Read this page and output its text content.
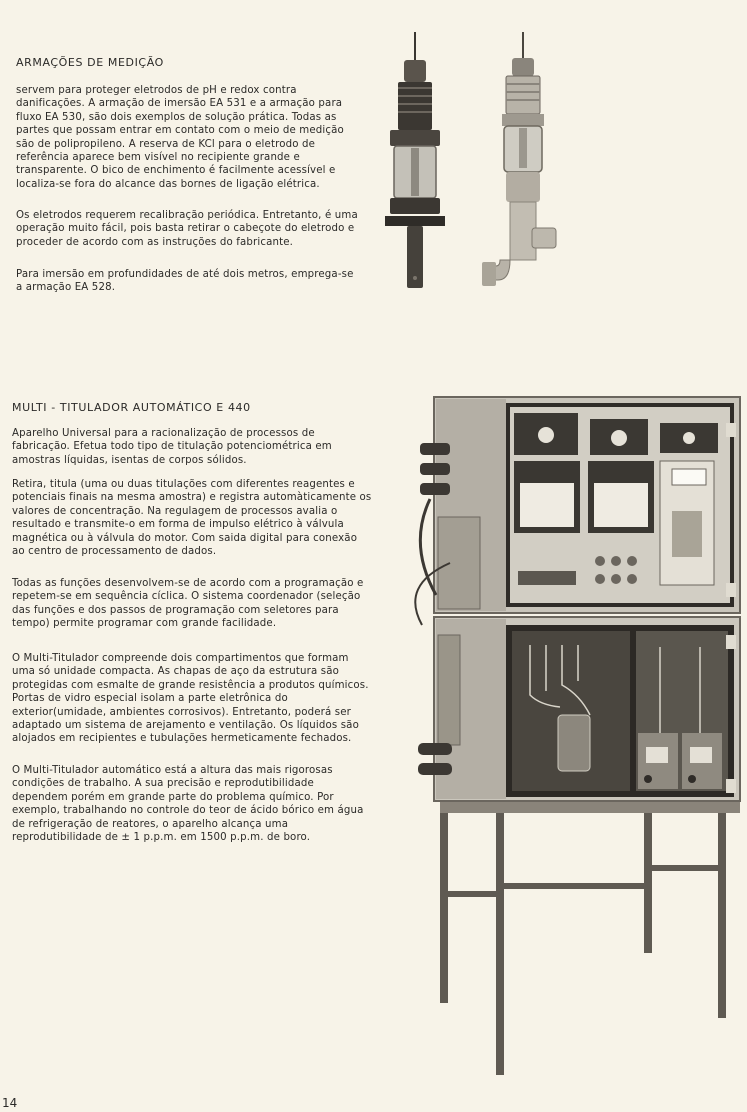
ARMAÇÕES DE MEDIÇÃO

servem para proteger eletrodos de pH e redox contra danificações. A armação de imersão EA 531 e a armação para fluxo EA 530, são dois exemplos de solução prática. Todas as partes que possam entrar em contato com o meio de medição são de polipropileno. A reserva de KCl para o eletrodo de referência aparece bem visível no recipiente grande e transparente. O bico de enchimento é facilmente acessível e localiza-se fora do alcance das bornes de ligação elétrica.

Os eletrodos requerem recalibração periódica. Entretanto, é uma operação muito fácil, pois basta retirar o cabeçote do eletrodo e proceder de acordo com as instruções do fabricante.

Para imersão em profundidades de até dois metros, emprega-se a armação EA 528.

MULTI - TITULADOR AUTOMÁTICO E 440

Aparelho Universal para a racionalização de processos de fabricação. Efetua todo tipo de titulação potenciométrica em amostras líquidas, isentas de corpos sólidos.

Retira, titula (uma ou duas titulações com diferentes reagentes e potenciais finais na mesma amostra) e registra automàticamente os valores de concentração. Na regulagem de processos avalia o resultado e transmite-o em forma de impulso elétrico à válvula magnética ou à válvula do motor. Com saida digital para conexão ao centro de processamento de dados.

Todas as funções desenvolvem-se de acordo com a programação e repetem-se em sequência cíclica. O sistema coordenador (seleção das funções e dos passos de programação com seletores para tempo) permite programar com grande facilidade.

O Multi-Titulador compreende dois compartimentos que formam uma só unidade compacta. As chapas de aço da estrutura são protegidas com esmalte de grande resistência a produtos químicos. Portas de vidro especial isolam a parte eletrônica do exterior(umidade, ambientes corrosivos). Entretanto, poderá ser adaptado um sistema de arejamento e ventilação. Os líquidos são alojados em recipientes e tubulações hermeticamente fechados.

O Multi-Titulador automático está a altura das mais rigorosas condições de trabalho. A sua precisão e reprodutibilidade dependem porém em grande parte do problema químico. Por exemplo, trabalhando no controle do teor de ácido bórico em água de refrigeração de reatores, o aparelho alcança uma reprodutibilidade de ± 1 p.p.m. em 1500 p.p.m. de boro.

14
